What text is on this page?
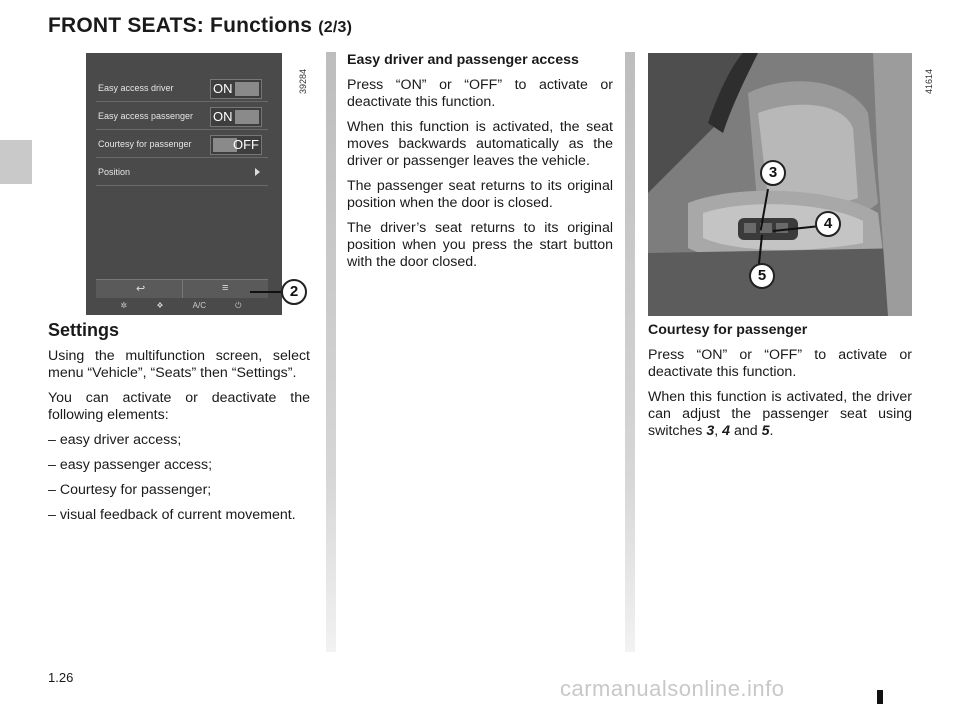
FRONT SEATS: Functions (2/3)
Easy access driver	ON
Easy access passenger ON
Courtesy for passenger	OFF
Position
↩	≡
✲	❖	A/C	⏻
39284
2
Settings

Using the multifunction screen, select menu “Vehicle”, “Seats” then “Settings”.

You can activate or deactivate the following elements:

– easy driver access;

– easy passenger access;

– Courtesy for passenger;

– visual feedback of current movement.

Easy driver and passenger access

Press “ON” or “OFF” to activate or deactivate this function.

When this function is activated, the seat moves backwards automatically as the driver or passenger leaves the vehicle.

The passenger seat returns to its original position when the door is closed.

The driver’s seat returns to its original position when you press the start button with the door closed.

41614
3
4
5

Courtesy for passenger

Press “ON” or “OFF” to activate or deactivate this function.

When this function is activated, the driver can adjust the passenger seat using switches 3, 4 and 5.

1.26	carmanualsonline.info
